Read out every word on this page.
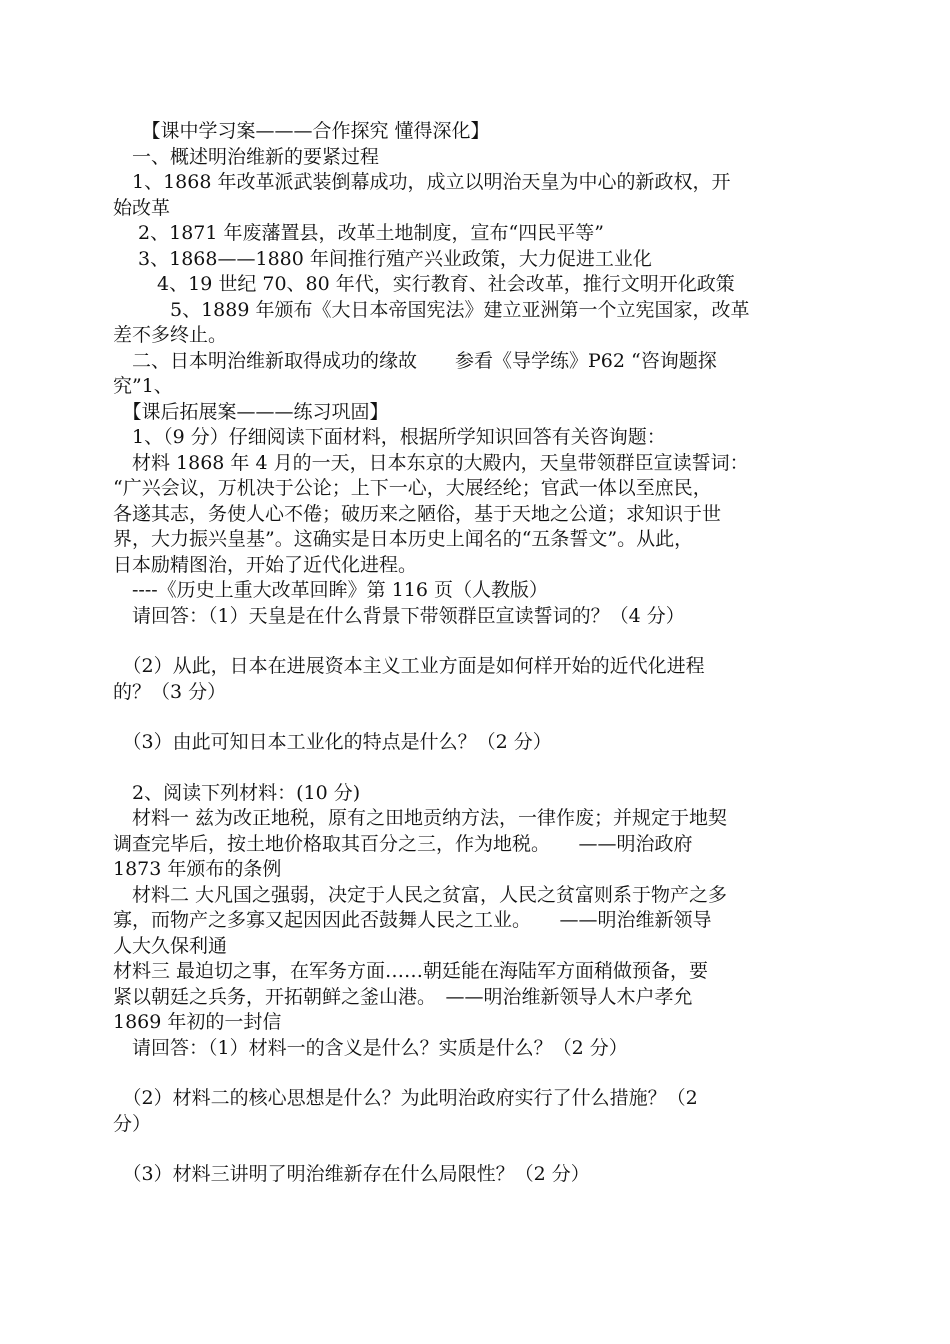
　　【课中学习案———合作探究 懂得深化】

　一、概述明治维新的要紧过程

　1、1868 年改革派武装倒幕成功，成立以明治天皇为中心的新政权，开

始改革

　 2、1871 年废藩置县，改革土地制度，宣布“四民平等”

　 3、1868——1880 年间推行殖产兴业政策，大力促进工业化

　　 4、19 世纪 70、80 年代，实行教育、社会改革，推行文明开化政策

　　　5、1889 年颁布《大日本帝国宪法》建立亚洲第一个立宪国家，改革

差不多终止。

　二、日本明治维新取得成功的缘故　　参看《导学练》P62 “咨询题探

究”1、

　【课后拓展案———练习巩固】

　1、（9 分）仔细阅读下面材料，根据所学知识回答有关咨询题：

　材料 1868 年 4 月的一天，日本东京的大殿内，天皇带领群臣宣读誓词：

“广兴会议，万机决于公论；上下一心，大展经纶；官武一体以至庶民，

各遂其志，务使人心不倦；破历来之陋俗，基于天地之公道；求知识于世

界，大力振兴皇基”。这确实是日本历史上闻名的“五条誓文”。从此，

日本励精图治，开始了近代化进程。

　----《历史上重大改革回眸》第 116 页（人教版）

　请回答：（1）天皇是在什么背景下带领群臣宣读誓词的？（4 分）

　（2）从此，日本在进展资本主义工业方面是如何样开始的近代化进程

的？（3 分）

　（3）由此可知日本工业化的特点是什么？（2 分）

　2、阅读下列材料：(10 分)

　材料一 兹为改正地税，原有之田地贡纳方法，一律作废；并规定于地契

调查完毕后，按土地价格取其百分之三，作为地税。　　——明治政府

1873 年颁布的条例

　材料二 大凡国之强弱，决定于人民之贫富，人民之贫富则系于物产之多

寡，而物产之多寡又起因因此否鼓舞人民之工业。　　——明治维新领导

人大久保利通

材料三 最迫切之事，在军务方面……朝廷能在海陆军方面稍做预备，要

紧以朝廷之兵务，开拓朝鲜之釜山港。　——明治维新领导人木户孝允

1869 年初的一封信

　请回答：（1）材料一的含义是什么？实质是什么？（2 分）

　（2）材料二的核心思想是什么？为此明治政府实行了什么措施？（2

分）

　（3）材料三讲明了明治维新存在什么局限性？（2 分）
